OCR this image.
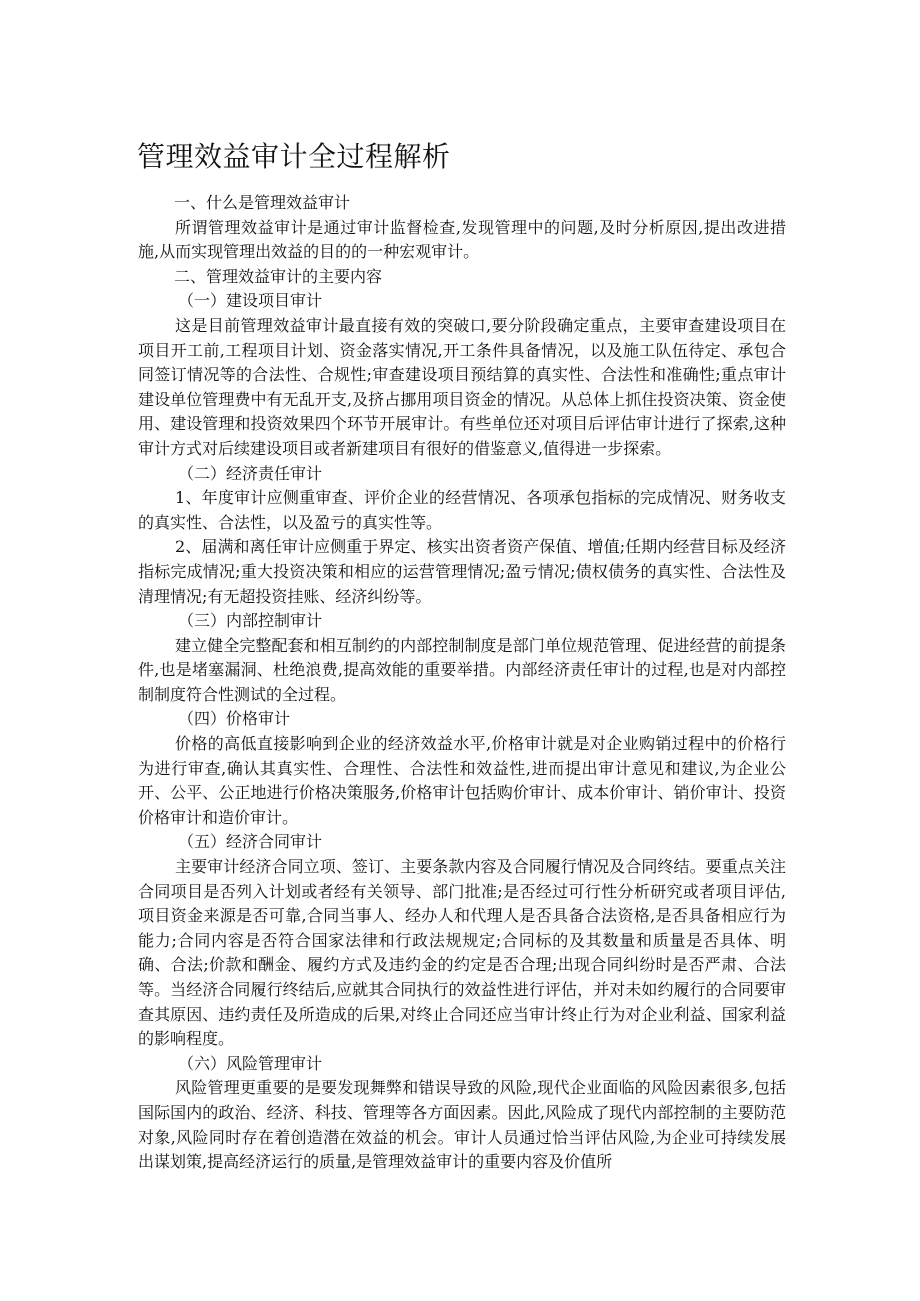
管理效益审计全过程解析

一、什么是管理效益审计

所谓管理效益审计是通过审计监督检查,发现管理中的问题,及时分析原因,提出改进措施,从而实现管理出效益的目的的一种宏观审计。

二、管理效益审计的主要内容

（一）建设项目审计

这是目前管理效益审计最直接有效的突破口,要分阶段确定重点，主要审查建设项目在项目开工前,工程项目计划、资金落实情况,开工条件具备情况，以及施工队伍待定、承包合同签订情况等的合法性、合规性;审查建设项目预结算的真实性、合法性和准确性;重点审计建设单位管理费中有无乱开支,及挤占挪用项目资金的情况。从总体上抓住投资决策、资金使用、建设管理和投资效果四个环节开展审计。有些单位还对项目后评估审计进行了探索,这种审计方式对后续建设项目或者新建项目有很好的借鉴意义,值得进一步探索。

（二）经济责任审计

1、年度审计应侧重审查、评价企业的经营情况、各项承包指标的完成情况、财务收支的真实性、合法性，以及盈亏的真实性等。

2、届满和离任审计应侧重于界定、核实出资者资产保值、增值;任期内经营目标及经济指标完成情况;重大投资决策和相应的运营管理情况;盈亏情况;债权债务的真实性、合法性及清理情况;有无超投资挂账、经济纠纷等。

（三）内部控制审计

建立健全完整配套和相互制约的内部控制制度是部门单位规范管理、促进经营的前提条件,也是堵塞漏洞、杜绝浪费,提高效能的重要举措。内部经济责任审计的过程,也是对内部控制制度符合性测试的全过程。

（四）价格审计

价格的高低直接影响到企业的经济效益水平,价格审计就是对企业购销过程中的价格行为进行审查,确认其真实性、合理性、合法性和效益性,进而提出审计意见和建议,为企业公开、公平、公正地进行价格决策服务,价格审计包括购价审计、成本价审计、销价审计、投资价格审计和造价审计。

（五）经济合同审计

主要审计经济合同立项、签订、主要条款内容及合同履行情况及合同终结。要重点关注合同项目是否列入计划或者经有关领导、部门批准;是否经过可行性分析研究或者项目评估,项目资金来源是否可靠,合同当事人、经办人和代理人是否具备合法资格,是否具备相应行为能力;合同内容是否符合国家法律和行政法规规定;合同标的及其数量和质量是否具体、明确、合法;价款和酬金、履约方式及违约金的约定是否合理;出现合同纠纷时是否严肃、合法等。当经济合同履行终结后,应就其合同执行的效益性进行评估，并对未如约履行的合同要审查其原因、违约责任及所造成的后果,对终止合同还应当审计终止行为对企业利益、国家利益的影响程度。

（六）风险管理审计

风险管理更重要的是要发现舞弊和错误导致的风险,现代企业面临的风险因素很多,包括国际国内的政治、经济、科技、管理等各方面因素。因此,风险成了现代内部控制的主要防范对象,风险同时存在着创造潜在效益的机会。审计人员通过恰当评估风险,为企业可持续发展出谋划策,提高经济运行的质量,是管理效益审计的重要内容及价值所
